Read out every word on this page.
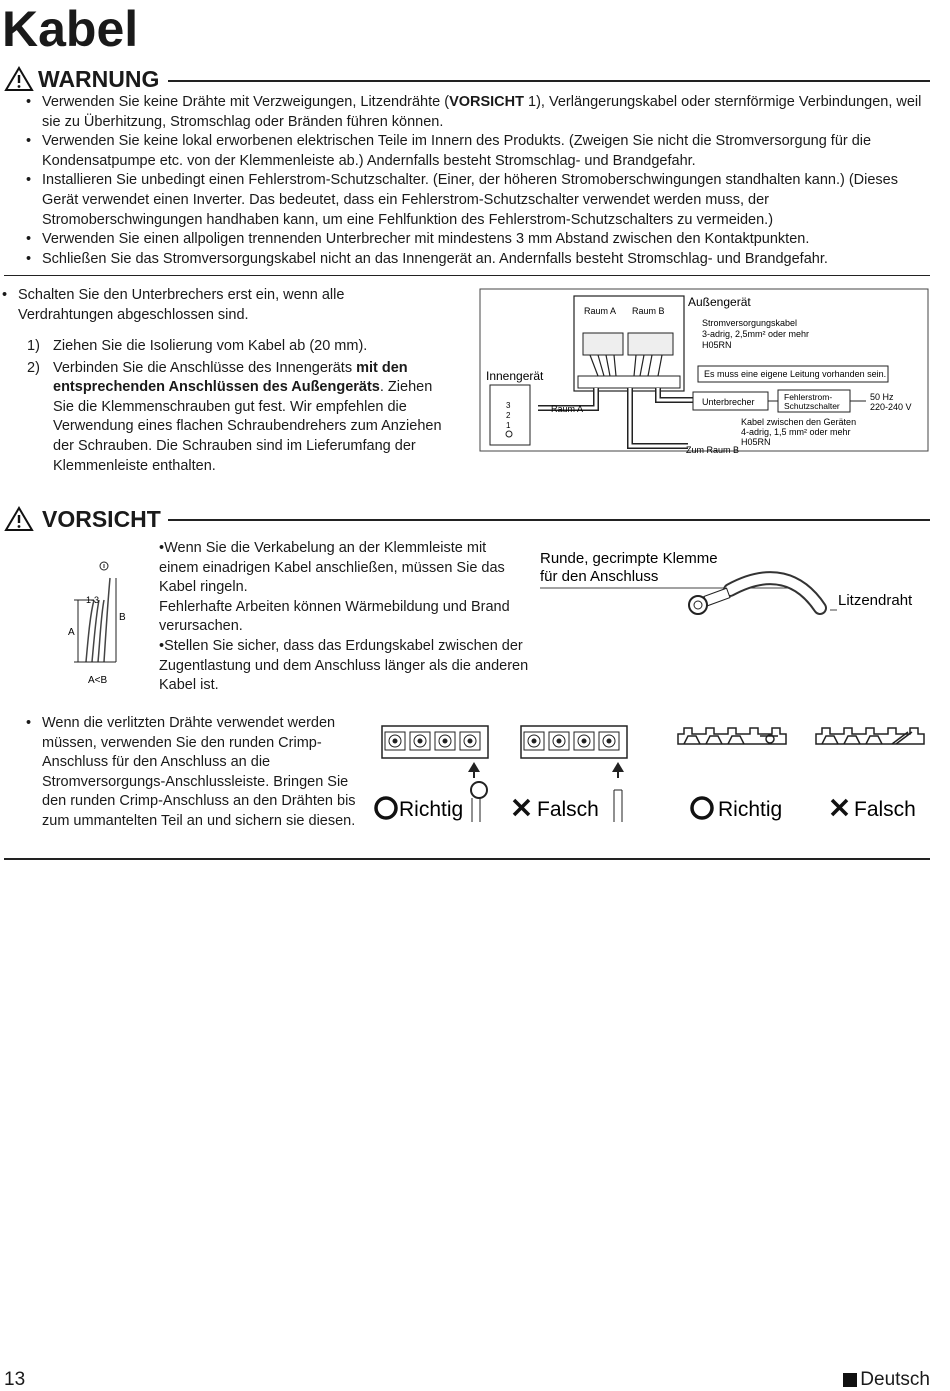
Kabel
WARNUNG
• Verwenden Sie keine Drähte mit Verzweigungen, Litzendrähte (VORSICHT 1), Verlängerungskabel oder sternförmige Verbindungen, weil sie zu Überhitzung, Stromschlag oder Bränden führen können.
• Verwenden Sie keine lokal erworbenen elektrischen Teile im Innern des Produkts. (Zweigen Sie nicht die Stromversorgung für die Kondensatpumpe etc. von der Klemmenleiste ab.) Andernfalls besteht Stromschlag- und Brandgefahr.
• Installieren Sie unbedingt einen Fehlerstrom-Schutzschalter. (Einer, der höheren Stromoberschwingungen standhalten kann.) (Dieses Gerät verwendet einen Inverter. Das bedeutet, dass ein Fehlerstrom-Schutzschalter verwendet werden muss, der Stromoberschwingungen handhaben kann, um eine Fehlfunktion des Fehlerstrom-Schutzschalters zu vermeiden.)
• Verwenden Sie einen allpoligen trennenden Unterbrecher mit mindestens 3 mm Abstand zwischen den Kontaktpunkten.
• Schließen Sie das Stromversorgungskabel nicht an das Innengerät an. Andernfalls besteht Stromschlag- und Brandgefahr.
• Schalten Sie den Unterbrechers erst ein, wenn alle Verdrahtungen abgeschlossen sind.
1) Ziehen Sie die Isolierung vom Kabel ab (20 mm).
2) Verbinden Sie die Anschlüsse des Innengeräts mit den entsprechenden Anschlüssen des Außengeräts. Ziehen Sie die Klemmenschrauben gut fest. Wir empfehlen die Verwendung eines flachen Schraubendrehers zum Anziehen der Schrauben. Die Schrauben sind im Lieferumfang der Klemmenleiste enthalten.
Raum A Raum B
Außengerät
Innengerät
3
2
1
Raum A
Zum Raum B
Stromversorgungskabel
3-adrig, 2,5mm² oder mehr
H05RN
Es muss eine eigene Leitung vorhanden sein.
Unterbrecher	Fehlerstrom-
Schutzschalter
50 Hz
220-240 V
Kabel zwischen den Geräten
4-adrig, 1,5 mm² oder mehr
H05RN
VORSICHT
A
B
1-3
A<B
•Wenn Sie die Verkabelung an der Klemmleiste mit einem einadrigen Kabel anschließen, müssen Sie das Kabel ringeln.
Fehlerhafte Arbeiten können Wärmebildung und Brand verursachen.
•Stellen Sie sicher, dass das Erdungskabel zwischen der Zugentlastung und dem Anschluss länger als die anderen Kabel ist.
Runde, gecrimpte Klemme
für den Anschluss
Litzendraht
• Wenn die verlitzten Drähte verwendet werden müssen, verwenden Sie den runden Crimp-Anschluss für den Anschluss an die Stromversorgungs-Anschlussleiste. Bringen Sie den runden Crimp-Anschluss an den Drähten bis zum ummantelten Teil an und sichern sie diesen.	Richtig	Falsch	Richtig	Falsch
13	Deutsch
